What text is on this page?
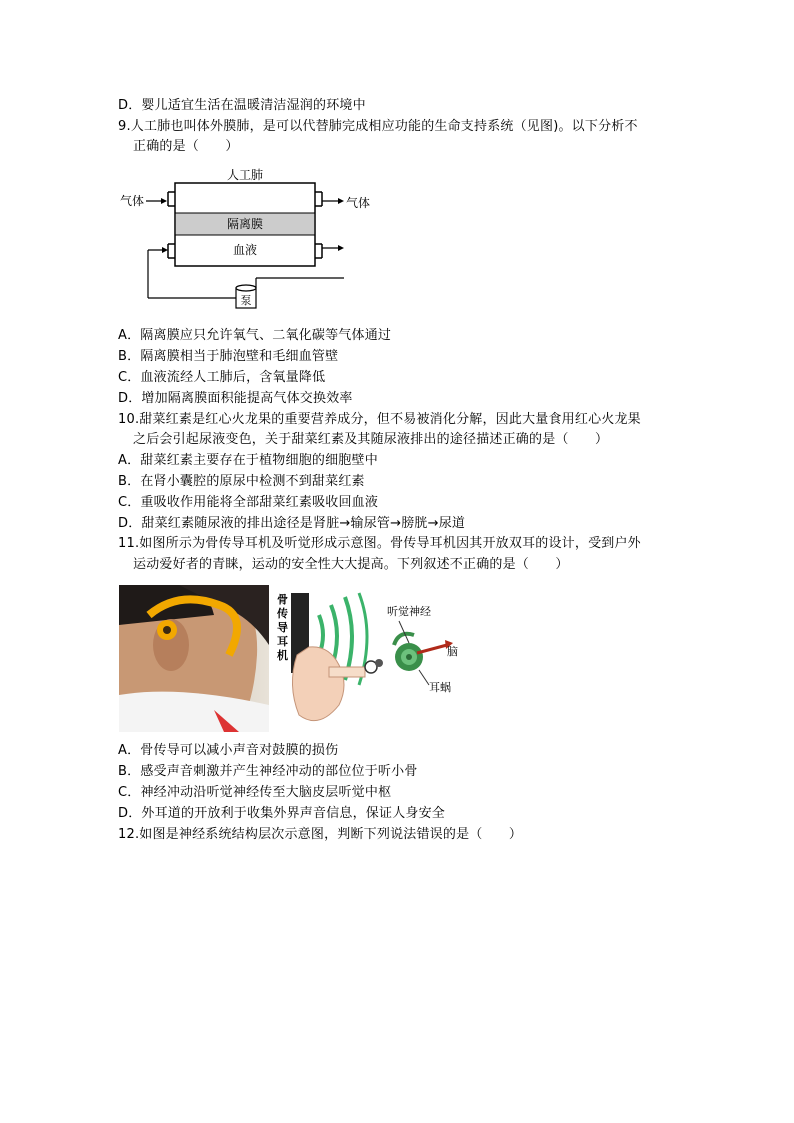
D．婴儿适宜生活在温暖清洁湿润的环境中
9.人工肺也叫体外膜肺，是可以代替肺完成相应功能的生命支持系统（见图)。以下分析不
正确的是（　　）
人工肺
气体	气体
隔离膜
血液
泵
A．隔离膜应只允许氧气、二氧化碳等气体通过
B．隔离膜相当于肺泡壁和毛细血管壁
C．血液流经人工肺后，含氧量降低
D．增加隔离膜面积能提高气体交换效率
10.甜菜红素是红心火龙果的重要营养成分，但不易被消化分解，因此大量食用红心火龙果
之后会引起尿液变色，关于甜菜红素及其随尿液排出的途径描述正确的是（　　）
A．甜菜红素主要存在于植物细胞的细胞壁中
B．在肾小囊腔的原尿中检测不到甜菜红素
C．重吸收作用能将全部甜菜红素吸收回血液
D．甜菜红素随尿液的排出途径是肾脏→输尿管→膀胱→尿道
11.如图所示为骨传导耳机及听觉形成示意图。骨传导耳机因其开放双耳的设计，受到户外
运动爱好者的青睐，运动的安全性大大提高。下列叙述不正确的是（　　）
骨
传
导
耳
机
听觉神经
脑
耳蜗
A．骨传导可以减小声音对鼓膜的损伤
B．感受声音刺激并产生神经冲动的部位位于听小骨
C．神经冲动沿听觉神经传至大脑皮层听觉中枢
D．外耳道的开放利于收集外界声音信息，保证人身安全
12.如图是神经系统结构层次示意图，判断下列说法错误的是（　　）
